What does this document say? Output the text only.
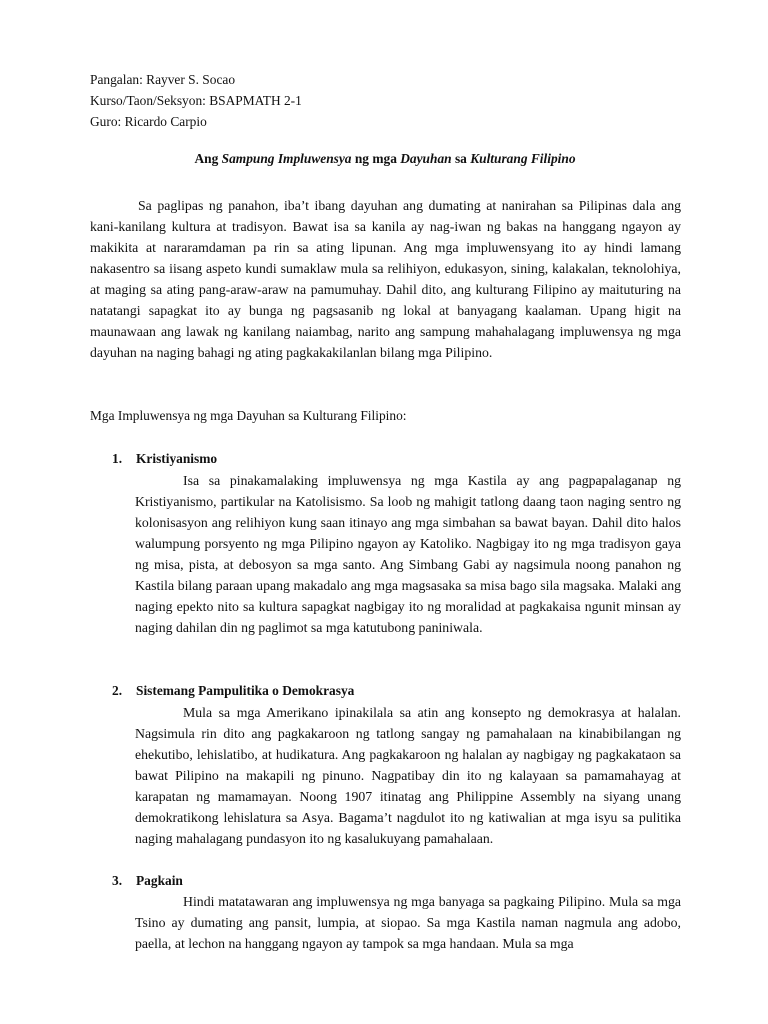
Pangalan: Rayver S. Socao
Kurso/Taon/Seksyon: BSAPMATH 2-1
Guro: Ricardo Carpio
Ang Sampung Impluwensya ng mga Dayuhan sa Kulturang Filipino

Sa paglipas ng panahon, iba’t ibang dayuhan ang dumating at nanirahan sa Pilipinas dala ang kani-kanilang kultura at tradisyon. Bawat isa sa kanila ay nag-iwan ng bakas na hanggang ngayon ay makikita at nararamdaman pa rin sa ating lipunan. Ang mga impluwensyang ito ay hindi lamang nakasentro sa iisang aspeto kundi sumaklaw mula sa relihiyon, edukasyon, sining, kalakalan, teknolohiya, at maging sa ating pang-araw-araw na pamumuhay. Dahil dito, ang kulturang Filipino ay maituturing na natatangi sapagkat ito ay bunga ng pagsasanib ng lokal at banyagang kaalaman. Upang higit na maunawaan ang lawak ng kanilang naiambag, narito ang sampung mahahalagang impluwensya ng mga dayuhan na naging bahagi ng ating pagkakakilanlan bilang mga Pilipino.

Mga Impluwensya ng mga Dayuhan sa Kulturang Filipino:
1. Kristiyanismo

Isa sa pinakamalaking impluwensya ng mga Kastila ay ang pagpapalaganap ng Kristiyanismo, partikular na Katolisismo. Sa loob ng mahigit tatlong daang taon naging sentro ng kolonisasyon ang relihiyon kung saan itinayo ang mga simbahan sa bawat bayan. Dahil dito halos walumpung porsyento ng mga Pilipino ngayon ay Katoliko. Nagbigay ito ng mga tradisyon gaya ng misa, pista, at debosyon sa mga santo. Ang Simbang Gabi ay nagsimula noong panahon ng Kastila bilang paraan upang makadalo ang mga magsasaka sa misa bago sila magsaka. Malaki ang naging epekto nito sa kultura sapagkat nagbigay ito ng moralidad at pagkakaisa ngunit minsan ay naging dahilan din ng paglimot sa mga katutubong paniniwala.

2. Sistemang Pampulitika o Demokrasya

Mula sa mga Amerikano ipinakilala sa atin ang konsepto ng demokrasya at halalan. Nagsimula rin dito ang pagkakaroon ng tatlong sangay ng pamahalaan na kinabibilangan ng ehekutibo, lehislatibo, at hudikatura. Ang pagkakaroon ng halalan ay nagbigay ng pagkakataon sa bawat Pilipino na makapili ng pinuno. Nagpatibay din ito ng kalayaan sa pamamahayag at karapatan ng mamamayan. Noong 1907 itinatag ang Philippine Assembly na siyang unang demokratikong lehislatura sa Asya. Bagama’t nagdulot ito ng katiwalian at mga isyu sa pulitika naging mahalagang pundasyon ito ng kasalukuyang pamahalaan.

3. Pagkain

Hindi matatawaran ang impluwensya ng mga banyaga sa pagkaing Pilipino. Mula sa mga Tsino ay dumating ang pansit, lumpia, at siopao. Sa mga Kastila naman nagmula ang adobo, paella, at lechon na hanggang ngayon ay tampok sa mga handaan. Mula sa mga
